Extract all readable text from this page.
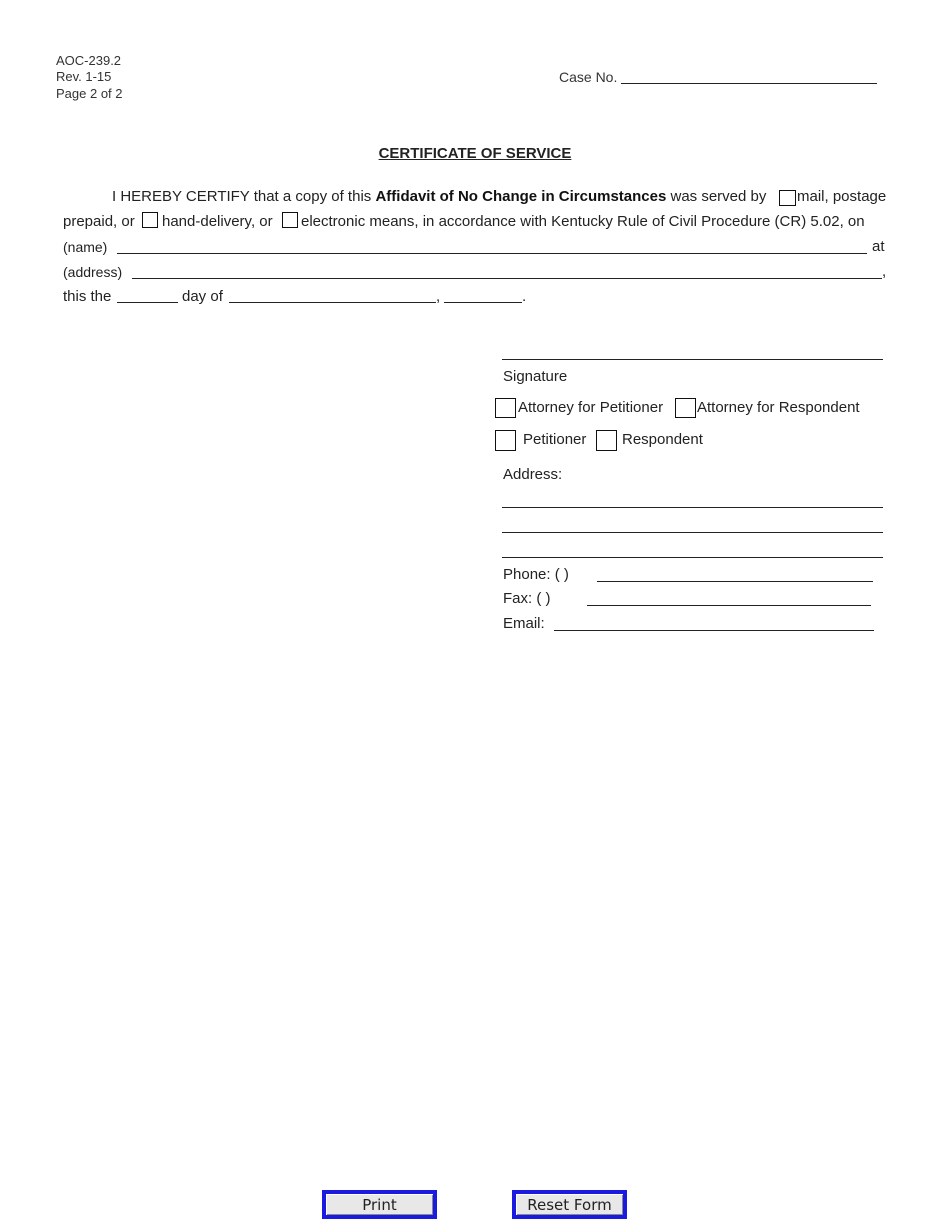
AOC-239.2
Rev. 1-15
Page 2 of 2
Case No.
CERTIFICATE OF SERVICE
I HEREBY CERTIFY that a copy of this Affidavit of No Change in Circumstances was served by mail, postage
prepaid, or hand-delivery, or electronic means, in accordance with Kentucky Rule of Civil Procedure (CR) 5.02, on
(name)	at
(address)	,
this the	day of	,	.
Signature
Attorney for Petitioner Attorney for Respondent
Petitioner Respondent
Address:
Phone: ( )
Fax: ( )
Email:
Print	Reset Form
